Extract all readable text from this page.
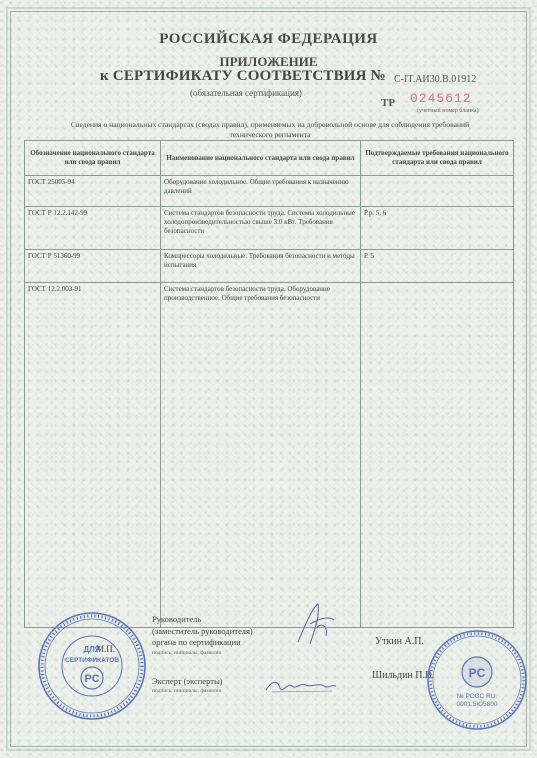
РОССИЙСКАЯ ФЕДЕРАЦИЯ
ПРИЛОЖЕНИЕ
к СЕРТИФИКАТУ СООТВЕТСТВИЯ № C-IT.AИ30.B.01912
(обязательная сертификация)
ТР 0245612
(учетный номер бланка)
Сведения о национальных стандартах (сводах правил), применяемых на добровольной основе для соблюдения требований технического регламента
Обозначение национального стандарта или свода правил	Наименование национального стандарта или свода правил	Подтверждаемые требования национального стандарта или свода правил
ГОСТ 25005-94	Оборудование холодильное. Общие требования к назначению давлений	
ГОСТ Р 12.2.142-99	Система стандартов безопасности труда. Системы холодильные холодопроизводительностью свыше 3.0 кВт. Требования безопасности	Р.р. 5, 6
ГОСТ Р 51360-99	Компрессоры холодильные. Требования безопасности и методы испытания	Р. 5
ГОСТ 12.2.003-91	Система стандартов безопасности труда. Оборудование производственное. Общие требования безопасности	
Руководитель
(заместитель руководителя)
органа по сертификации
подпись, инициалы, фамилия
Уткин А.П.
Эксперт (эксперты)
подпись, инициалы, фамилия
Шильдин П.В.
М.П.
ДЛЯ
СЕРТИФИКАТОВ
PC	PC
№ РОСС RU.
0001.5Ю5800
